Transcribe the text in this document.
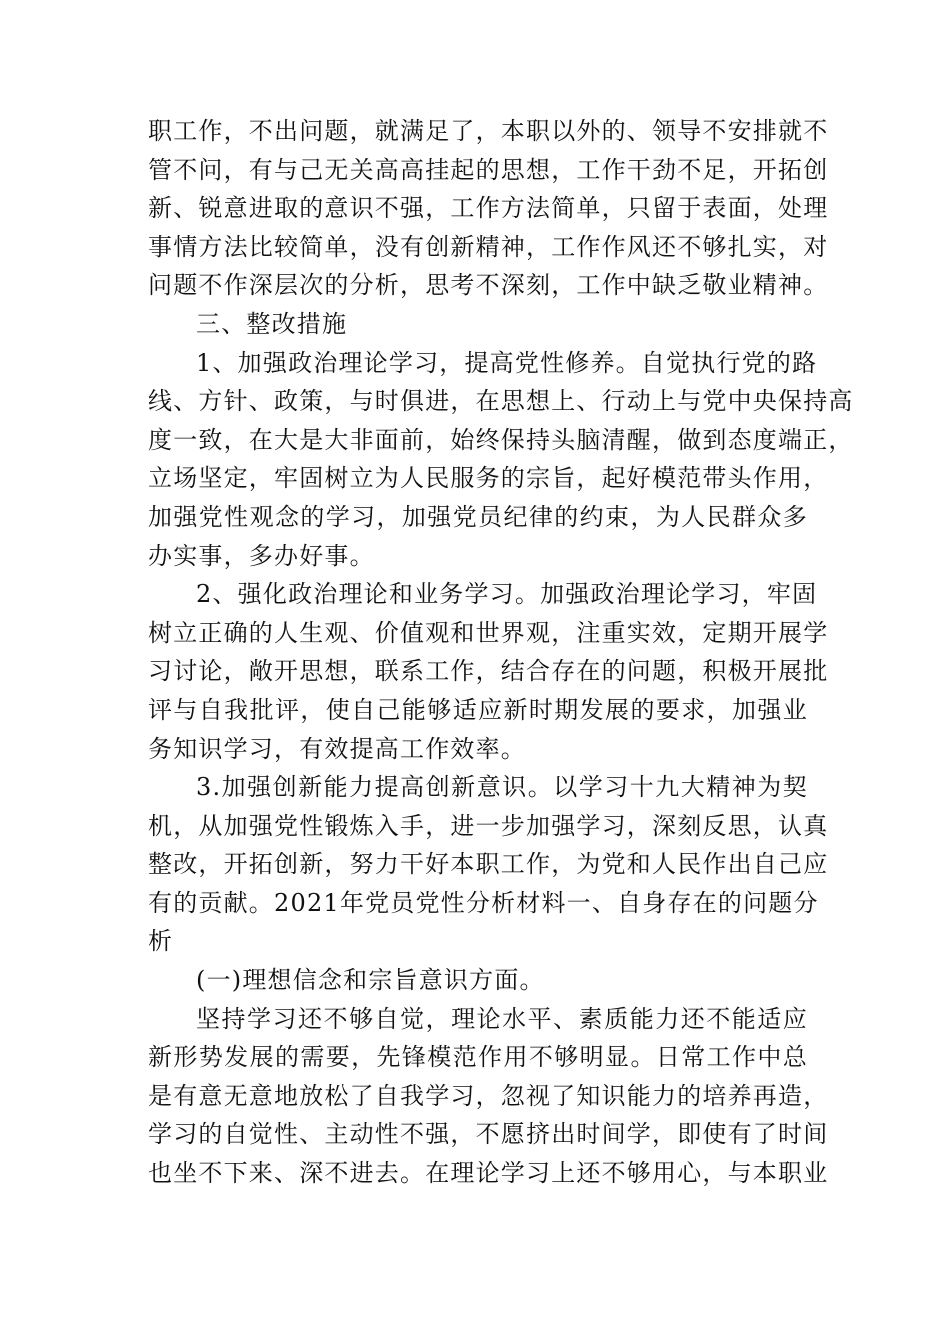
职工作，不出问题，就满足了，本职以外的、领导不安排就不
管不问，有与己无关高高挂起的思想，工作干劲不足，开拓创
新、锐意进取的意识不强，工作方法简单，只留于表面，处理
事情方法比较简单，没有创新精神，工作作风还不够扎实，对
问题不作深层次的分析，思考不深刻，工作中缺乏敬业精神。
三、整改措施
1、加强政治理论学习，提高党性修养。自觉执行党的路
线、方针、政策，与时俱进，在思想上、行动上与党中央保持高
度一致，在大是大非面前，始终保持头脑清醒，做到态度端正，
立场坚定，牢固树立为人民服务的宗旨，起好模范带头作用，
加强党性观念的学习，加强党员纪律的约束，为人民群众多
办实事，多办好事。
2、强化政治理论和业务学习。加强政治理论学习，牢固
树立正确的人生观、价值观和世界观，注重实效，定期开展学
习讨论，敞开思想，联系工作，结合存在的问题，积极开展批
评与自我批评，使自己能够适应新时期发展的要求，加强业
务知识学习，有效提高工作效率。
3.加强创新能力提高创新意识。以学习十九大精神为契
机，从加强党性锻炼入手，进一步加强学习，深刻反思，认真
整改，开拓创新，努力干好本职工作，为党和人民作出自己应
有的贡献。2021年党员党性分析材料一、自身存在的问题分
析
(一)理想信念和宗旨意识方面。
坚持学习还不够自觉，理论水平、素质能力还不能适应
新形势发展的需要，先锋模范作用不够明显。日常工作中总
是有意无意地放松了自我学习，忽视了知识能力的培养再造，
学习的自觉性、主动性不强，不愿挤出时间学，即使有了时间
也坐不下来、深不进去。在理论学习上还不够用心，与本职业
